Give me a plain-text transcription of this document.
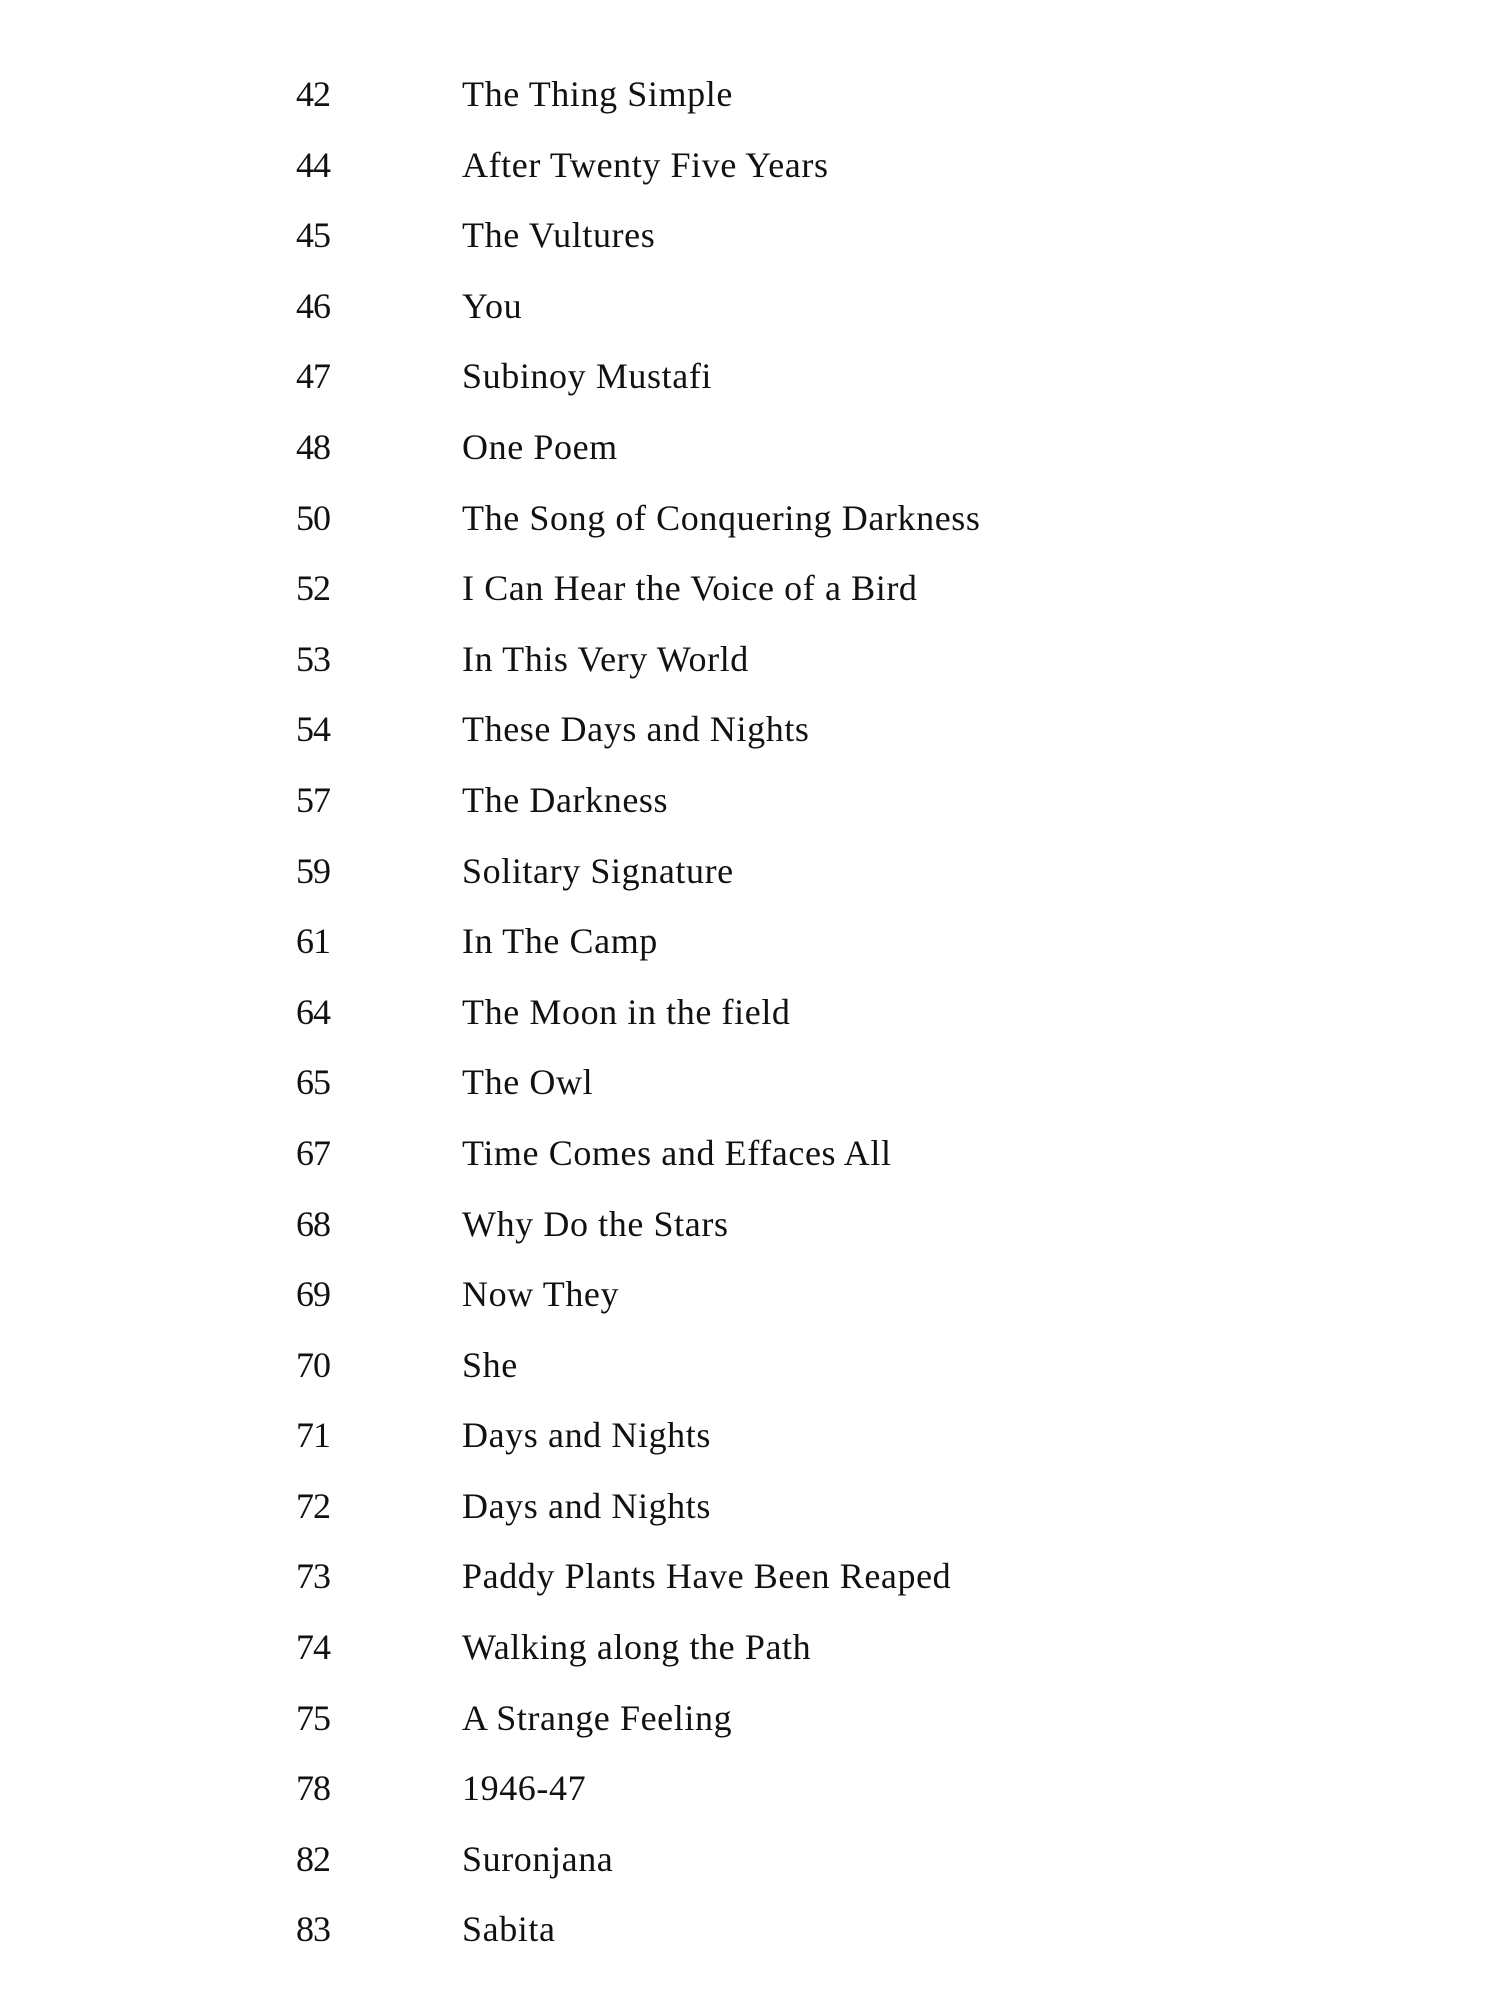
42	The Thing Simple
44	After Twenty Five Years
45	The Vultures
46	You
47	Subinoy Mustafi
48	One Poem
50	The Song of Conquering Darkness
52	I Can Hear the Voice of a Bird
53	In This Very World
54	These Days and Nights
57	The Darkness
59	Solitary Signature
61	In The Camp
64	The Moon in the field
65	The Owl
67	Time Comes and Effaces All
68	Why Do the Stars
69	Now They
70	She
71	Days and Nights
72	Days and Nights
73	Paddy Plants Have Been Reaped
74	Walking along the Path
75	A Strange Feeling
78	1946-47
82	Suronjana
83	Sabita
